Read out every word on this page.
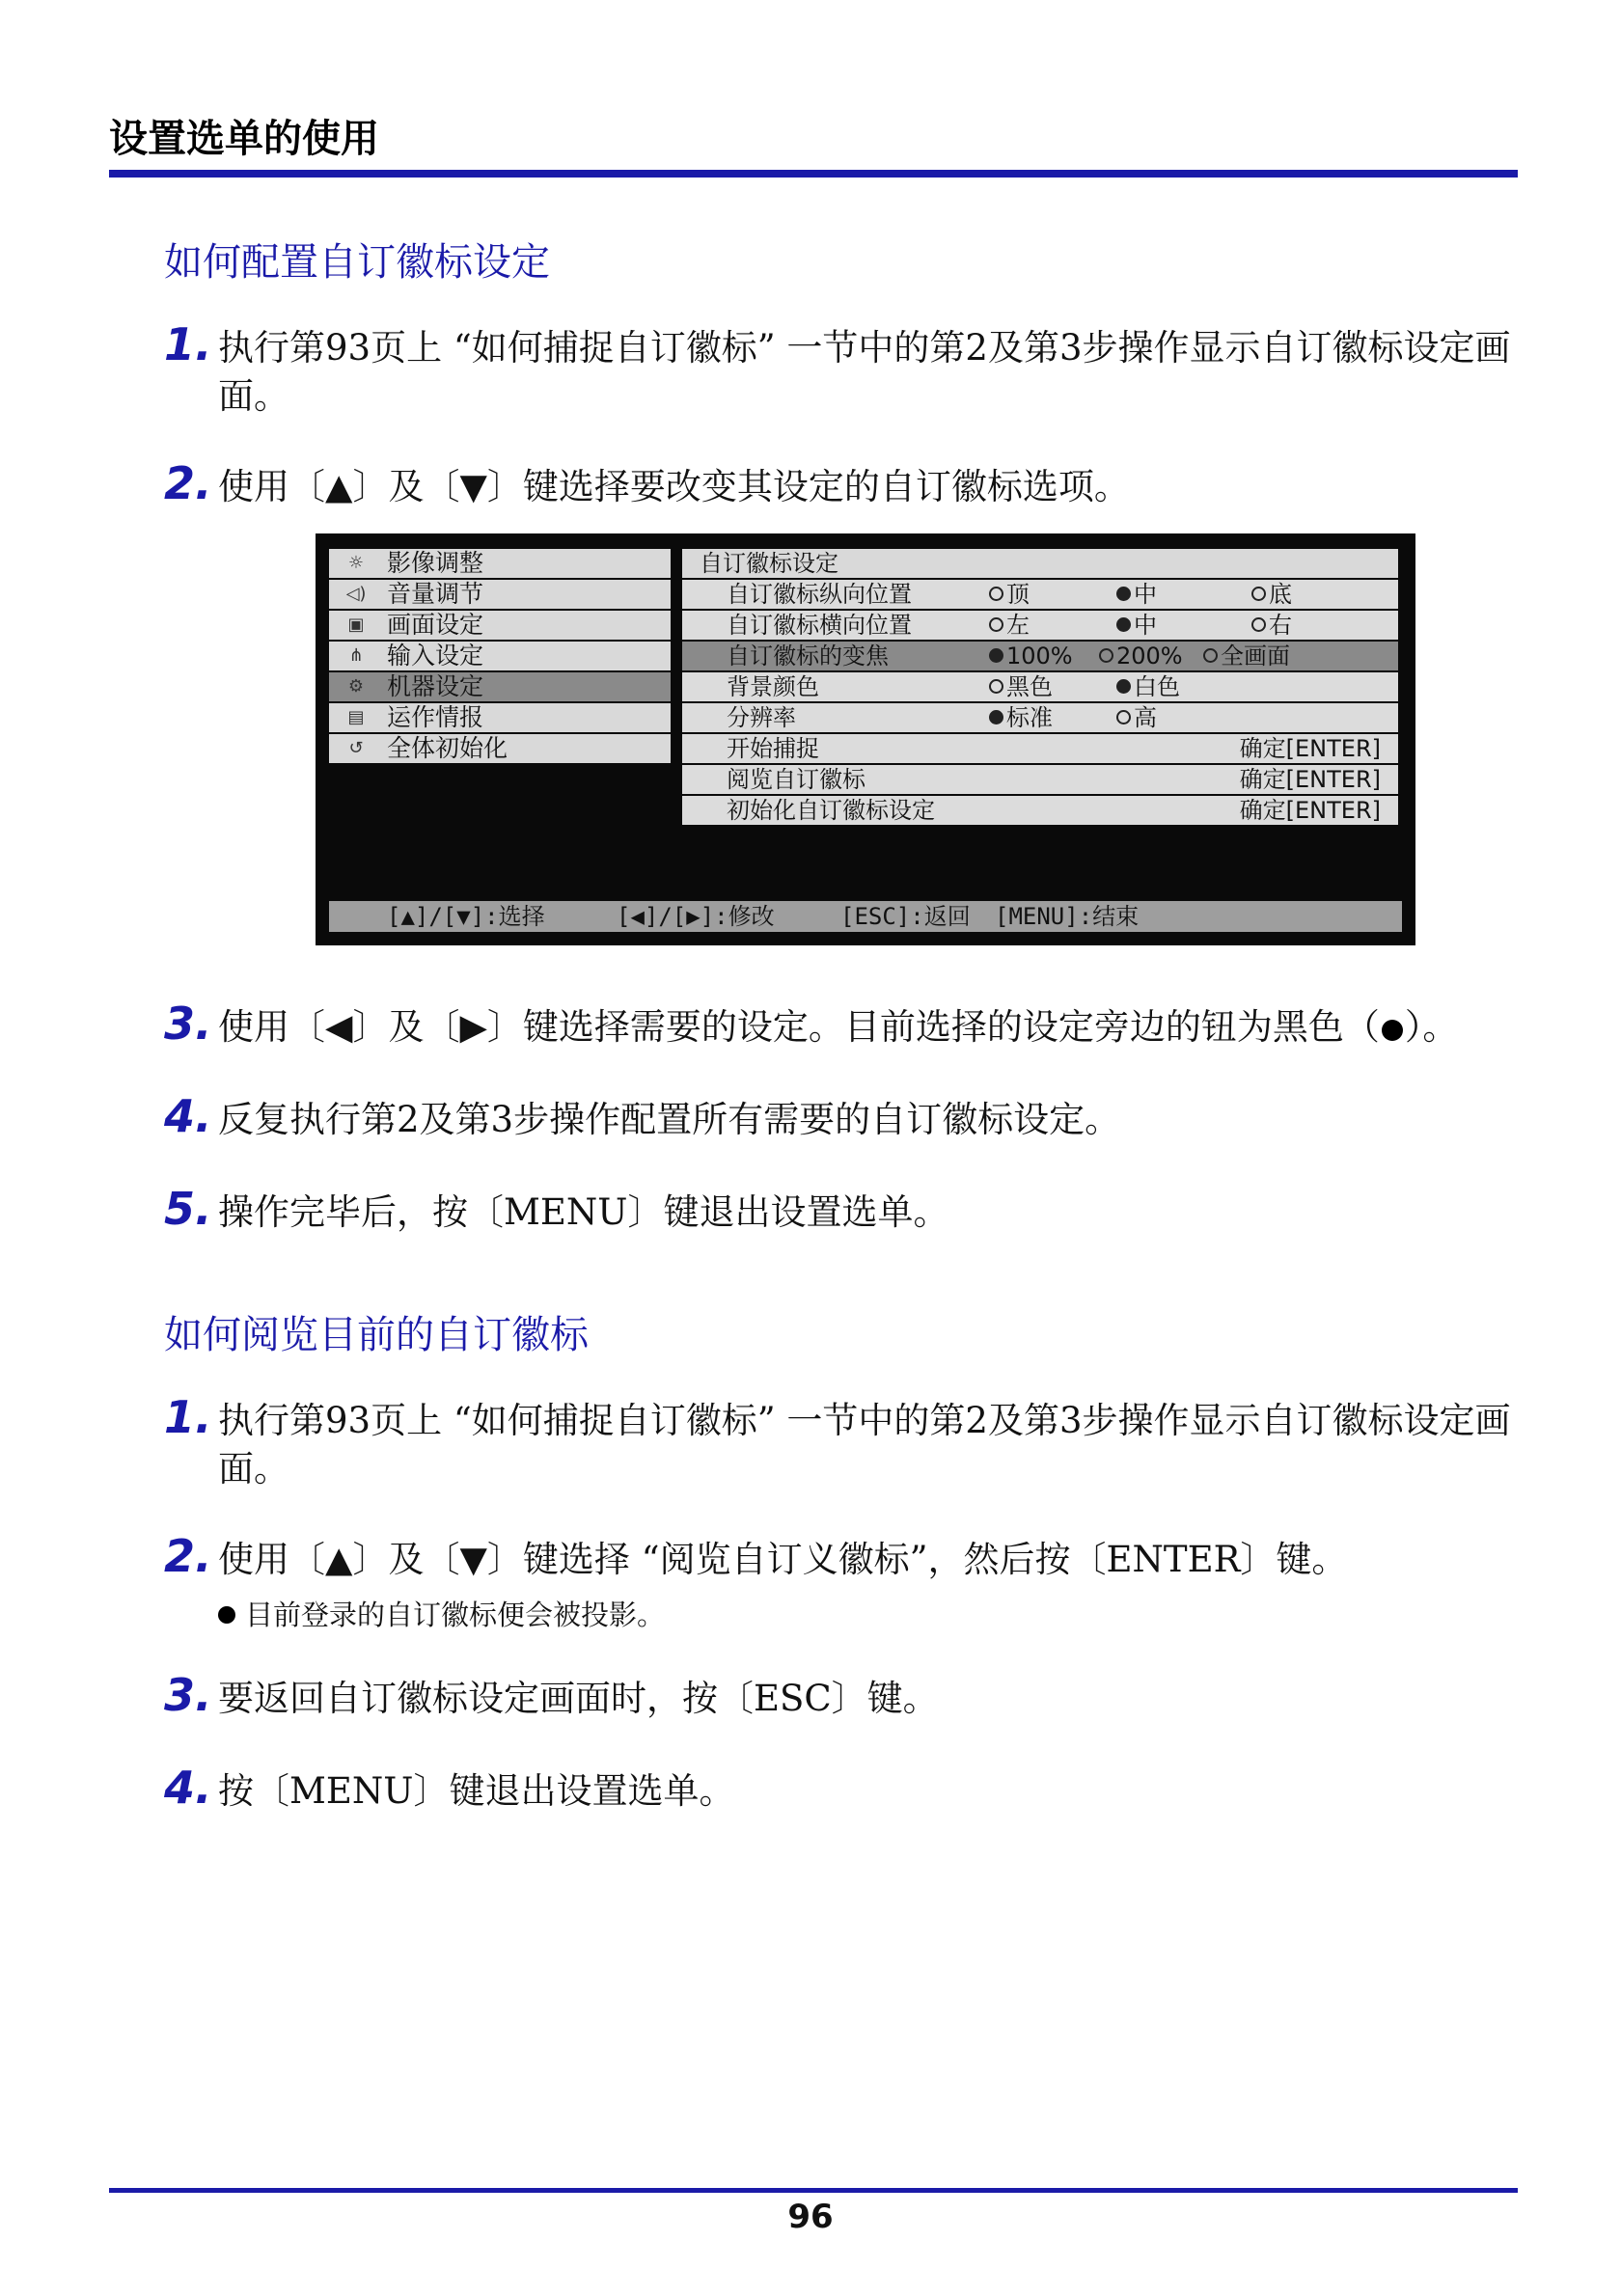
设置选单的使用
如何配置自订徽标设定
1. 执行第93页上 “如何捕捉自订徽标” 一节中的第2及第3步操作显示自订徽标设定画面。
2. 使用〔▲〕及〔▼〕键选择要改变其设定的自订徽标选项。
☼ 影像调整
◁) 音量调节
▣ 画面设定
⋔ 输入设定
⚙ 机器设定
▤ 运作情报
↺ 全体初始化
自订徽标设定
自订徽标纵向位置	顶	中	底
自订徽标横向位置	左	中	右
自订徽标的变焦	100%	200%	全画面
背景颜色	黑色	白色
分辨率	标准	高
开始捕捉	确定[ENTER]
阅览自订徽标	确定[ENTER]
初始化自订徽标设定	确定[ENTER]
[▲]/[▼]:选择	[◀]/[▶]:修改	[ESC]:返回 [MENU]:结束
3. 使用〔◀〕及〔▶〕键选择需要的设定。目前选择的设定旁边的钮为黑色（ ）。
4. 反复执行第2及第3步操作配置所有需要的自订徽标设定。
5. 操作完毕后，按〔MENU〕键退出设置选单。
如何阅览目前的自订徽标
1. 执行第93页上 “如何捕捉自订徽标” 一节中的第2及第3步操作显示自订徽标设定画面。
2. 使用〔▲〕及〔▼〕键选择 “阅览自订义徽标”，然后按〔ENTER〕键。
目前登录的自订徽标便会被投影。
3. 要返回自订徽标设定画面时，按〔ESC〕键。
4. 按〔MENU〕键退出设置选单。
96
